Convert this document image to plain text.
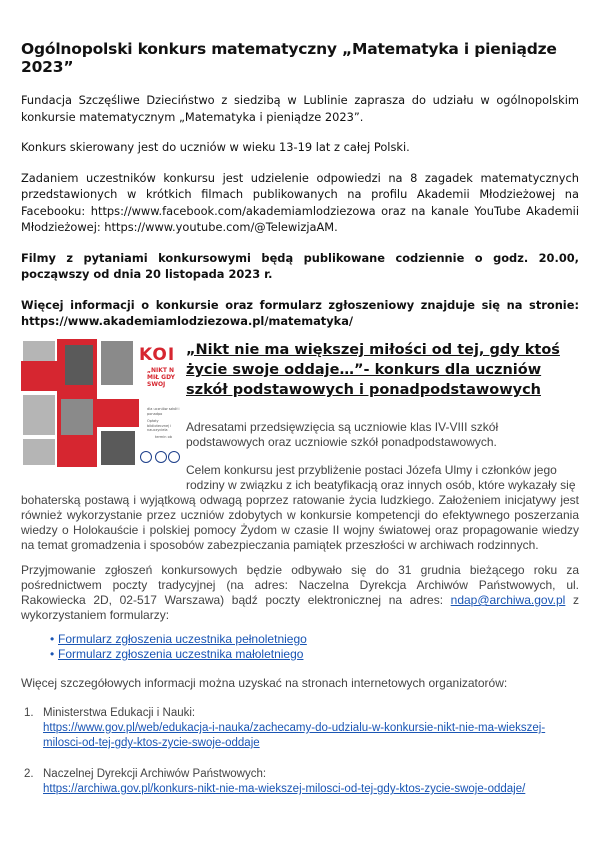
Ogólnopolski konkurs matematyczny „Matematyka i pieniądze 2023”

Fundacja Szczęśliwe Dzieciństwo z siedzibą w Lublinie zaprasza do udziału w ogólnopolskim konkursie matematycznym „Matematyka i pieniądze 2023”.

Konkurs skierowany jest do uczniów w wieku 13-19 lat z całej Polski.

Zadaniem uczestników konkursu jest udzielenie odpowiedzi na 8 zagadek matematycznych przedstawionych w krótkich filmach publikowanych na profilu Akademii Młodzieżowej na Facebooku: https://www.facebook.com/akademiamlodziezowa oraz na kanale YouTube Akademii Młodzieżowej: https://www.youtube.com/@TelewizjaAM.

Filmy z pytaniami konkursowymi będą publikowane codziennie o godz. 20.00, począwszy od dnia 20 listopada 2023 r.

Więcej informacji o konkursie oraz formularz zgłoszeniowy znajduje się na stronie: https://www.akademiamlodziezowa.pl/matematyka/

KOI
„NIKT N MIŁ GDY SWOJ
dla uczniów szkół i ponadpo
Opłaty bibliotecznej i nauczyciela
termin ob
„Nikt nie ma większej miłości od tej, gdy ktoś życie swoje oddaje…”- konkurs dla uczniów szkół podstawowych i ponadpodstawowych

Adresatami przedsięwzięcia są uczniowie klas IV-VIII szkół podstawowych oraz uczniowie szkół ponadpodstawowych.

Celem konkursu jest przybliżenie postaci Józefa Ulmy i członków jego rodziny w związku z ich beatyfikacją oraz innych osób, które wykazały się
bohaterską postawą i wyjątkową odwagą poprzez ratowanie życia ludzkiego. Założeniem inicjatywy jest również wykorzystanie przez uczniów zdobytych w konkursie kompetencji do efektywnego poszerzania wiedzy o Holokauście i polskiej pomocy Żydom w czasie II wojny światowej oraz propagowanie wiedzy na temat gromadzenia i sposobów zabezpieczania pamiątek przeszłości w archiwach rodzinnych.

Przyjmowanie zgłoszeń konkursowych będzie odbywało się do 31 grudnia bieżącego roku za pośrednictwem poczty tradycyjnej (na adres: Naczelna Dyrekcja Archiwów Państwowych, ul. Rakowiecka 2D, 02-517 Warszawa) bądź poczty elektronicznej na adres: ndap@archiwa.gov.pl z wykorzystaniem formularzy:

• Formularz zgłoszenia uczestnika pełnoletniego
• Formularz zgłoszenia uczestnika małoletniego

Więcej szczegółowych informacji można uzyskać na stronach internetowych organizatorów:

1. Ministerstwa Edukacji i Nauki:
https://www.gov.pl/web/edukacja-i-nauka/zachecamy-do-udzialu-w-konkursie-nikt-nie-ma-wiekszej-milosci-od-tej-gdy-ktos-zycie-swoje-oddaje
2. Naczelnej Dyrekcji Archiwów Państwowych:
https://archiwa.gov.pl/konkurs-nikt-nie-ma-wiekszej-milosci-od-tej-gdy-ktos-zycie-swoje-oddaje/
